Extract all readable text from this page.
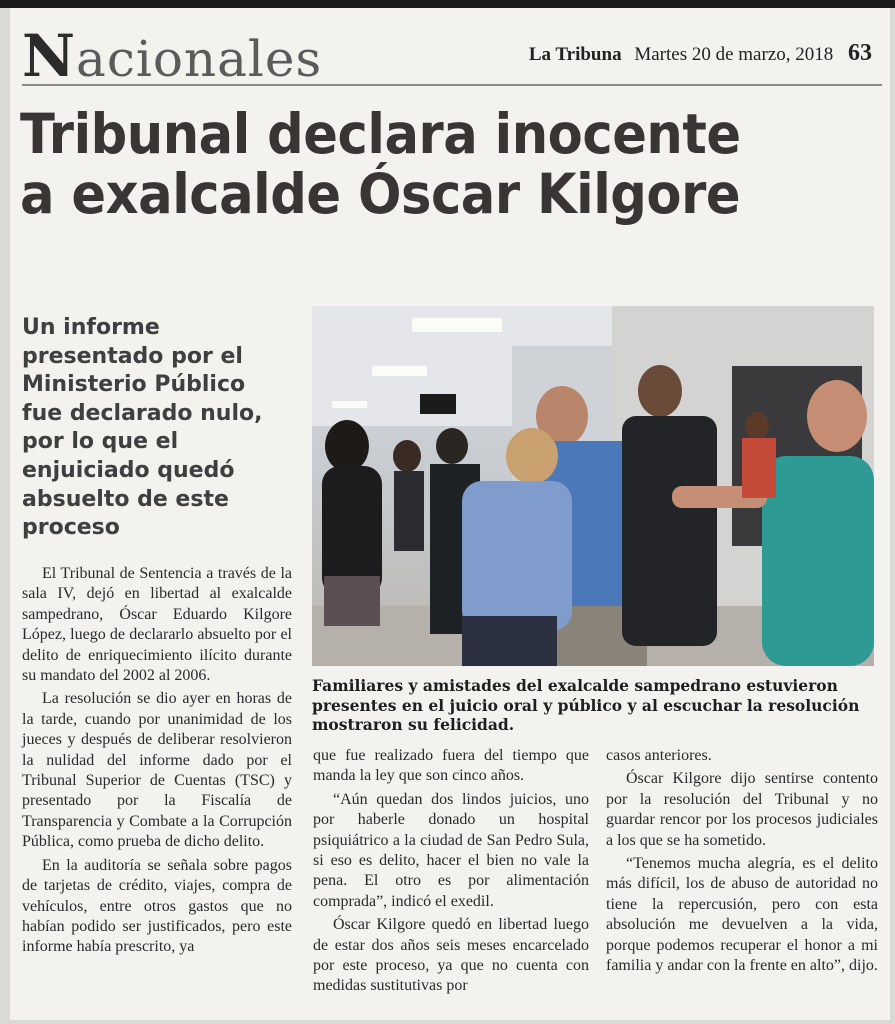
Nacionales	La Tribuna Martes 20 de marzo, 2018 63
Tribunal declara inocente
a exalcalde Óscar Kilgore
Un informe presentado por el Ministerio Público fue declarado nulo, por lo que el enjuiciado quedó absuelto de este proceso
Familiares y amistades del exalcalde sampedrano estuvieron presentes en el juicio oral y público y al escuchar la resolución mostraron su felicidad.

El Tribunal de Sentencia a través de la sala IV, dejó en libertad al exalcalde sampedrano, Óscar Eduardo Kilgore López, luego de declararlo absuelto por el delito de enriquecimiento ilícito durante su mandato del 2002 al 2006.

La resolución se dio ayer en horas de la tarde, cuando por unanimidad de los jueces y después de deliberar resolvieron la nulidad del informe dado por el Tribunal Superior de Cuentas (TSC) y presentado por la Fiscalía de Transparencia y Combate a la Corrupción Pública, como prueba de dicho delito.

En la auditoría se señala sobre pagos de tarjetas de crédito, viajes, compra de vehículos, entre otros gastos que no habían podido ser justificados, pero este informe había prescrito, ya

que fue realizado fuera del tiempo que manda la ley que son cinco años.

“Aún quedan dos lindos juicios, uno por haberle donado un hospital psiquiátrico a la ciudad de San Pedro Sula, si eso es delito, hacer el bien no vale la pena. El otro es por alimentación comprada”, indicó el exedil.

Óscar Kilgore quedó en libertad luego de estar dos años seis meses encarcelado por este proceso, ya que no cuenta con medidas sustitutivas por

casos anteriores.

Óscar Kilgore dijo sentirse contento por la resolución del Tribunal y no guardar rencor por los procesos judiciales a los que se ha sometido.

“Tenemos mucha alegría, es el delito más difícil, los de abuso de autoridad no tiene la repercusión, pero con esta absolución me devuelven a la vida, porque podemos recuperar el honor a mi familia y andar con la frente en alto”, dijo.
